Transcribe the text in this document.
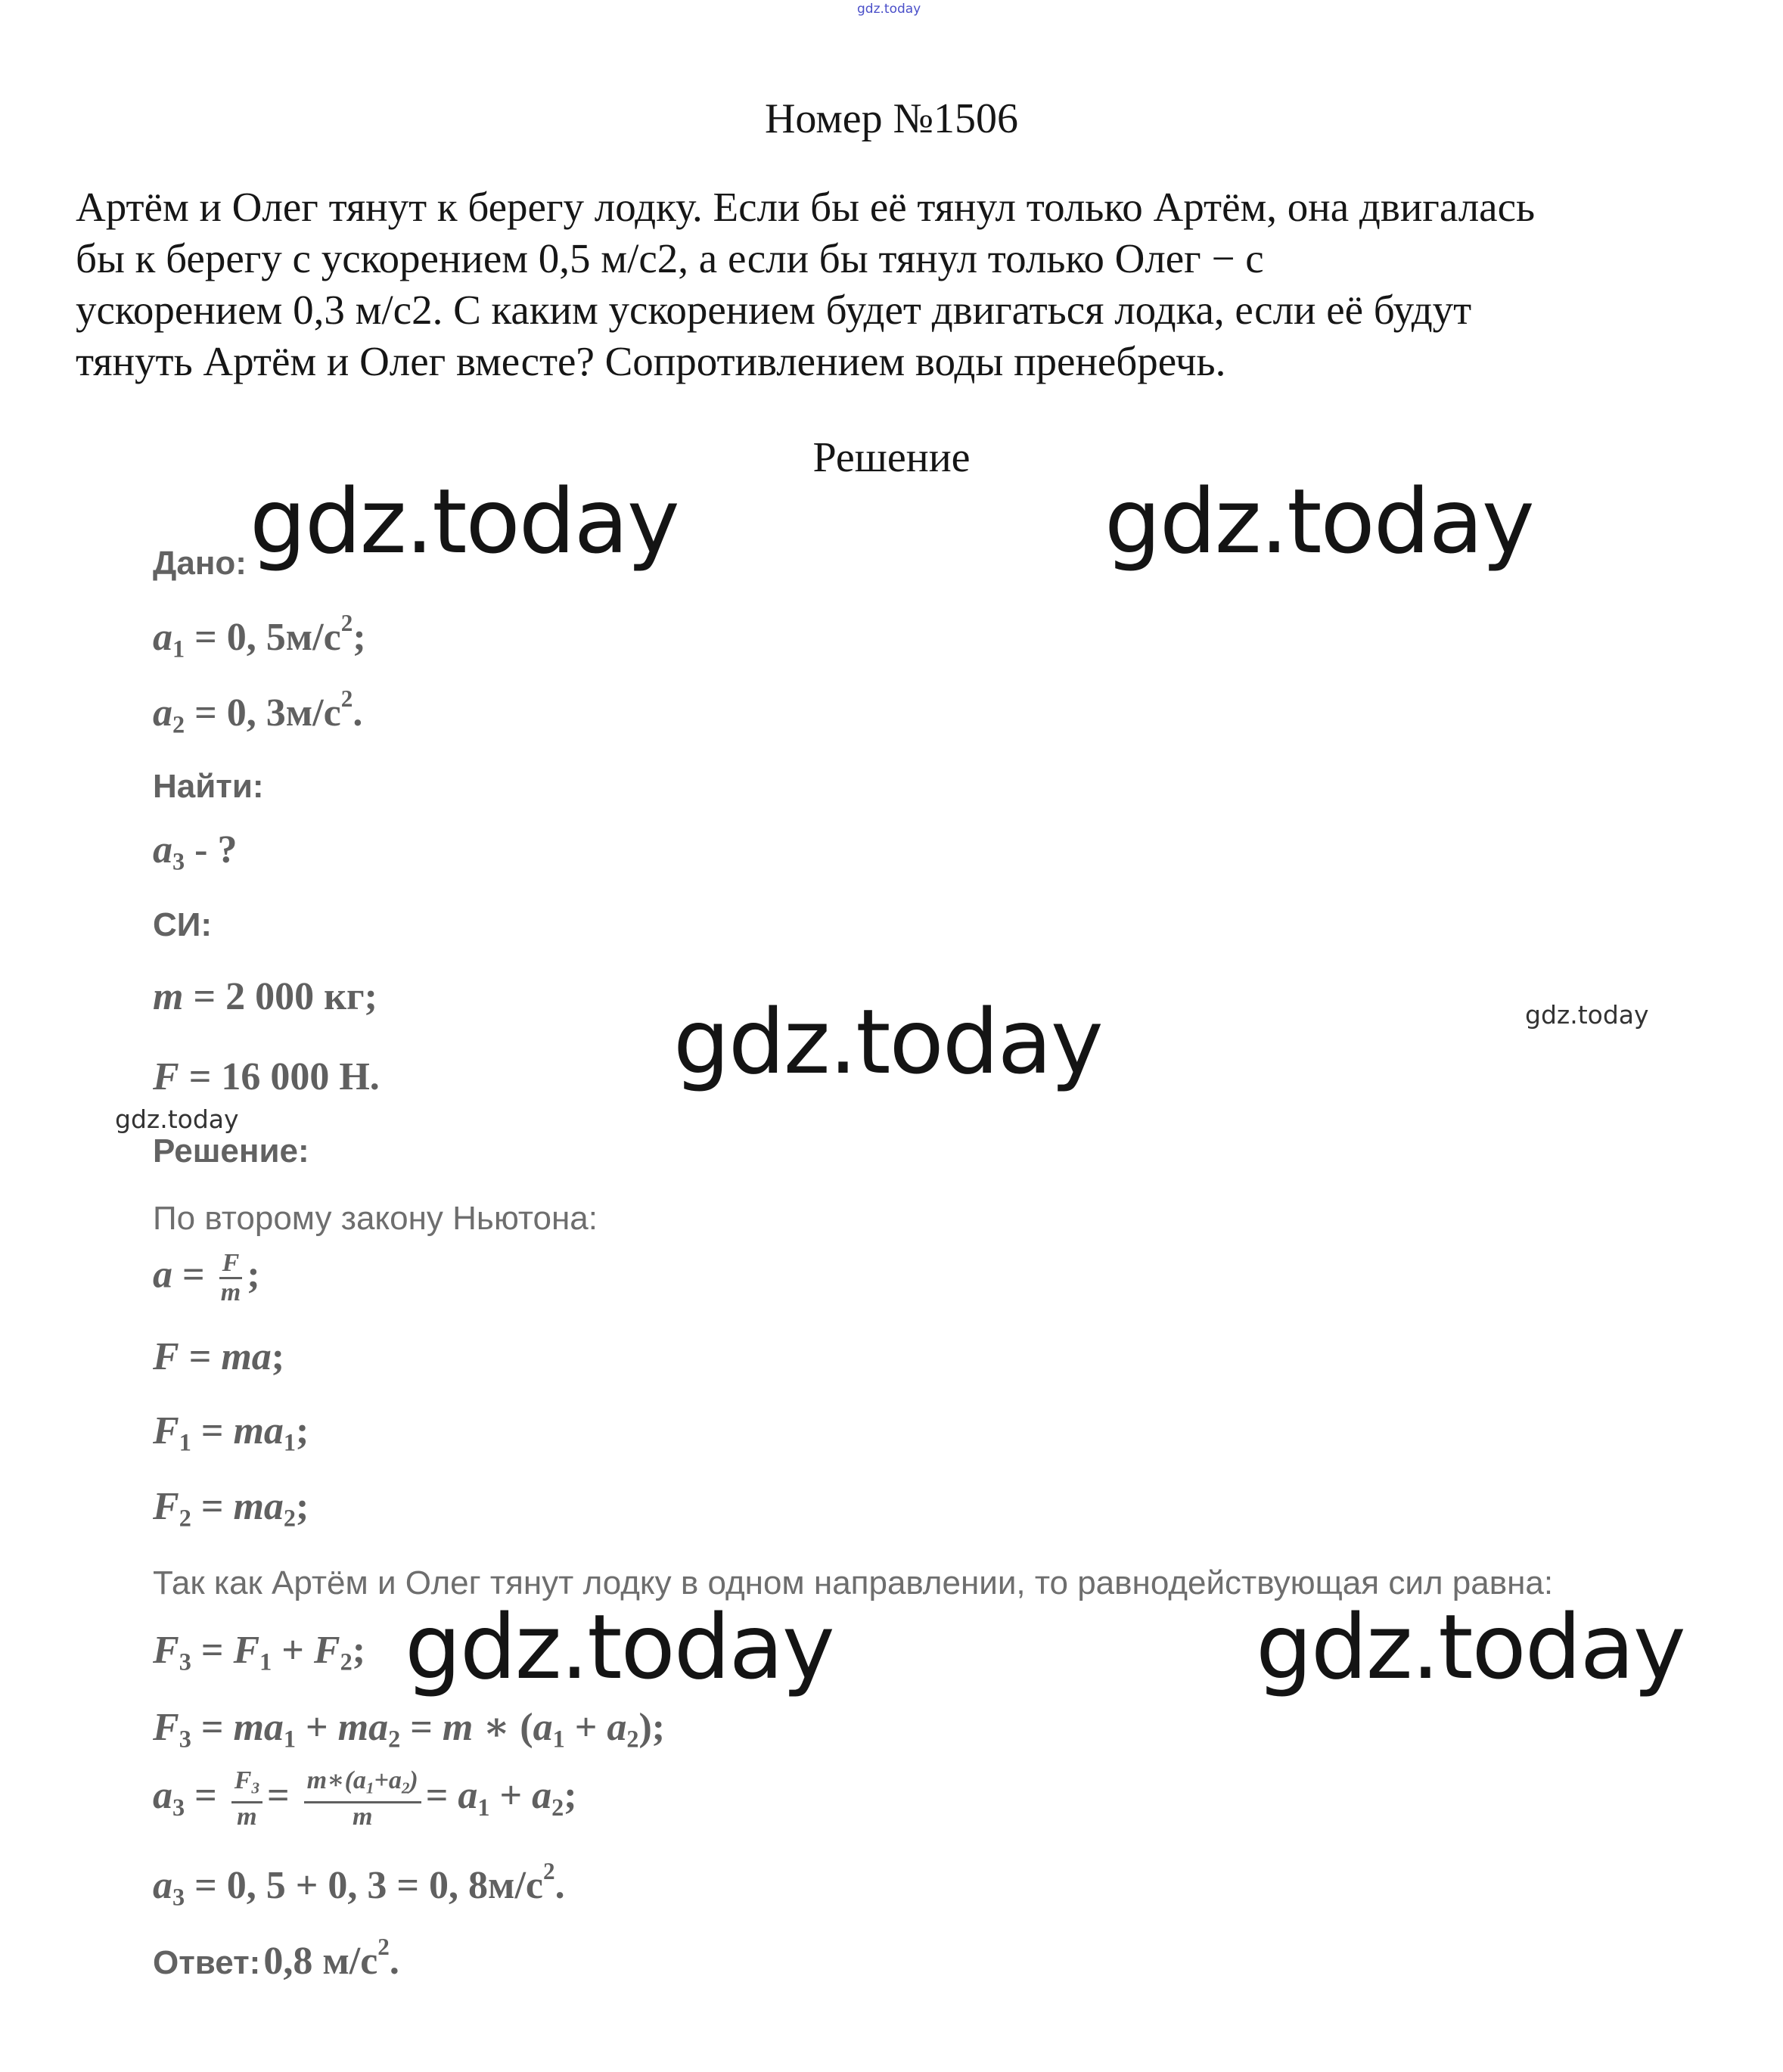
gdz.today
Номер №1506
Артём и Олег тянут к берегу лодку. Если бы её тянул только Артём, она двигалась
бы к берегу с ускорением 0,5 м/с2, а если бы тянул только Олег − с
ускорением 0,3 м/с2. С каким ускорением будет двигаться лодка, если её будут
тянуть Артём и Олег вместе? Сопротивлением воды пренебречь.
Решение
gdz.today	gdz.today
gdz.today
gdz.today	gdz.today
gdz.today
gdz.today
Дано:
$a_1 = 0$, $5м/с^2$;
$a_2 = 0$, $3м/с^2$.
Найти:
$a_3$ - ?
СИ:
m = 2 000 кг;
F = 16 000 Н.
Решение:
По второму закону Ньютона:
$a = \frac{F}{m}$ ;
F = ma;
$F_1 = ma_1$;
$F_2 = ma_2$;
Так как Артём и Олег тянут лодку в одном направлении, то равнодействующая сил равна:
$F_3 = F_1 + F_2$;
$F_3 = ma_1 + ma_2 = m$ ∗ $(a_1 + a_2)$;
$a_3 = \frac{F_3}{m} = \frac{m∗(a_1+a_2)}{m} = a_1 + a_2$;
$a_3 = 0$, 5 + 0, 3 = 0, $8м/с^2$.
Ответ: 0,8 $м/с^2$.
